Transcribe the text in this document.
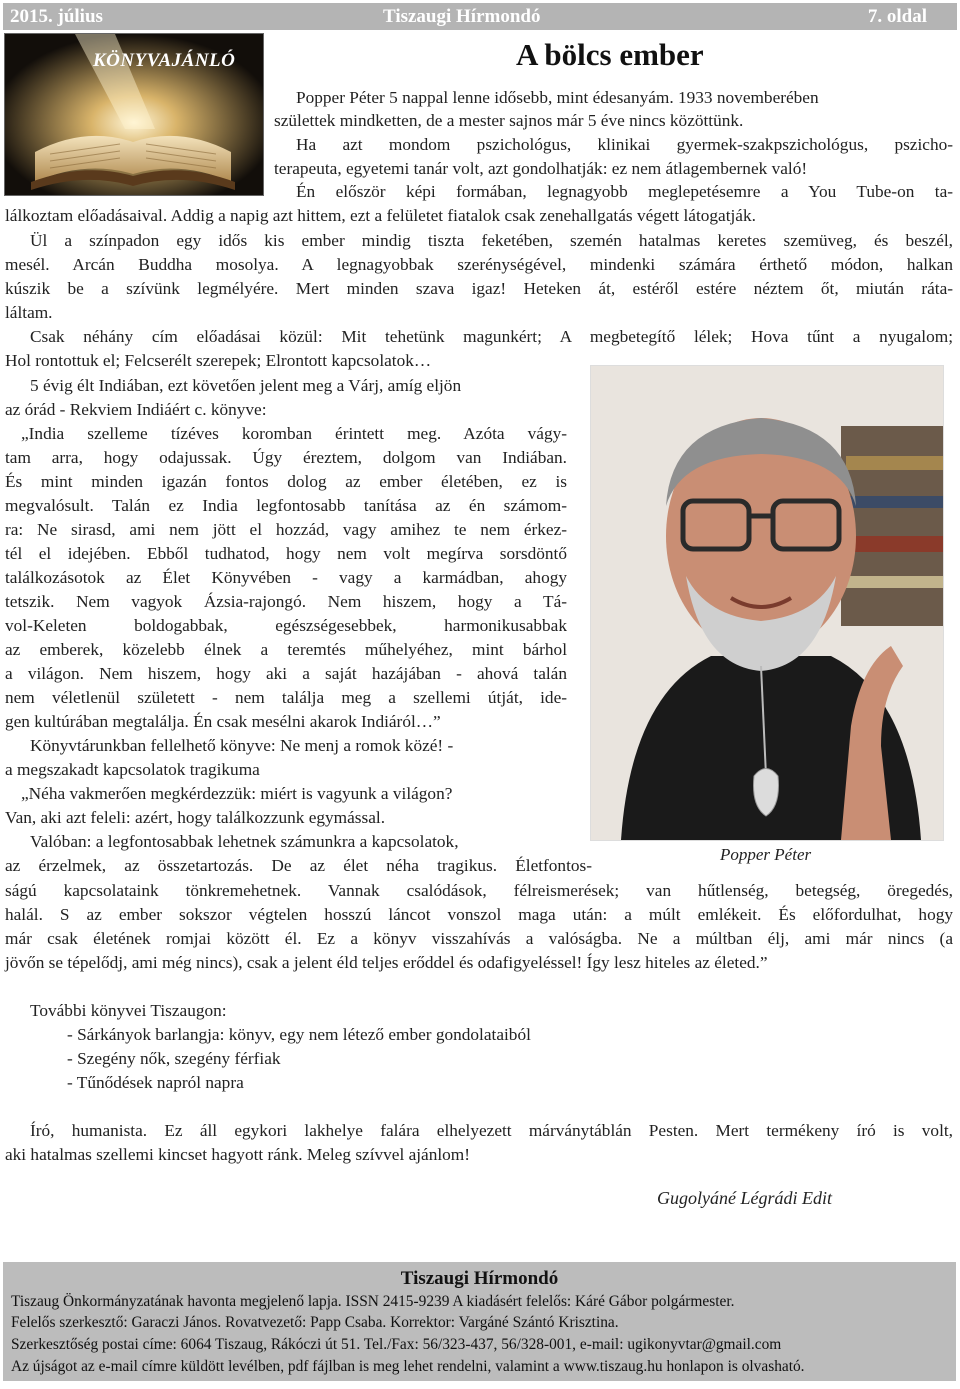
2015. július	Tiszaugi Hírmondó	7. oldal
KÖNYVAJÁNLÓ	A bölcs ember
Popper Péter 5 nappal lenne idősebb, mint édesanyám. 1933 novemberében
születtek mindketten, de a mester sajnos már 5 éve nincs közöttünk.
Ha azt mondom pszichológus, klinikai gyermek-szakpszichológus, pszicho-
terapeuta, egyetemi tanár volt, azt gondolhatják: ez nem átlagembernek való!
Én először képi formában, legnagyobb meglepetésemre a You Tube-on ta-
lálkoztam előadásaival. Addig a napig azt hittem, ezt a felületet fiatalok csak zenehallgatás végett látogatják.
Ül a színpadon egy idős kis ember mindig tiszta feketében, szemén hatalmas keretes szemüveg, és beszél,
mesél. Arcán Buddha mosolya. A legnagyobbak szerénységével, mindenki számára érthető módon, halkan
kúszik be a szívünk legmélyére. Mert minden szava igaz! Heteken át, estéről estére néztem őt, miután ráta-
láltam.
Csak néhány cím előadásai közül: Mit tehetünk magunkért; A megbetegítő lélek; Hova tűnt a nyugalom;
Hol rontottuk el; Felcserélt szerepek; Elrontott kapcsolatok…
5 évig élt Indiában, ezt követően jelent meg a Várj, amíg eljön
az órád - Rekviem Indiáért c. könyve:
„India szelleme tízéves koromban érintett meg. Azóta vágy-
tam arra, hogy odajussak. Úgy éreztem, dolgom van Indiában.
És mint minden igazán fontos dolog az ember életében, ez is
megvalósult. Talán ez India legfontosabb tanítása az én számom-
ra: Ne sirasd, ami nem jött el hozzád, vagy amihez te nem érkez-
tél el idejében. Ebből tudhatod, hogy nem volt megírva sorsdöntő
találkozásotok az Élet Könyvében - vagy a karmádban, ahogy
tetszik. Nem vagyok Ázsia-rajongó. Nem hiszem, hogy a Tá-
vol-Keleten boldogabbak, egészségesebbek, harmonikusabbak
az emberek, közelebb élnek a teremtés műhelyéhez, mint bárhol
a világon. Nem hiszem, hogy aki a saját hazájában - ahová talán
nem véletlenül született - nem találja meg a szellemi útját, ide-
gen kultúrában megtalálja. Én csak mesélni akarok Indiáról…”
Könyvtárunkban fellelhető könyve: Ne menj a romok közé! -
a megszakadt kapcsolatok tragikuma
„Néha vakmerően megkérdezzük: miért is vagyunk a világon?
Van, aki azt feleli: azért, hogy találkozzunk egymással.
Valóban: a legfontosabbak lehetnek számunkra a kapcsolatok,
az érzelmek, az összetartozás. De az élet néha tragikus. Életfontos-
ságú kapcsolataink tönkremehetnek. Vannak csalódások, félreismerések; van hűtlenség, betegség, öregedés,
halál. S az ember sokszor végtelen hosszú láncot vonszol maga után: a múlt emlékeit. És előfordulhat, hogy
már csak életének romjai között él. Ez a könyv visszahívás a valóságba. Ne a múltban élj, ami már nincs (a
jövőn se tépelődj, ami még nincs), csak a jelent éld teljes erőddel és odafigyeléssel! Így lesz hiteles az életed.”
További könyvei Tiszaugon:
- Sárkányok barlangja: könyv, egy nem létező ember gondolataiból
- Szegény nők, szegény férfiak
- Tűnődések napról napra
Író, humanista. Ez áll egykori lakhelye falára elhelyezett márványtáblán Pesten. Mert termékeny író is volt,
aki hatalmas szellemi kincset hagyott ránk. Meleg szívvel ajánlom!
Popper Péter
Gugolyáné Légrádi Edit
Tiszaugi Hírmondó
Tiszaug Önkormányzatának havonta megjelenő lapja. ISSN 2415-9239 A kiadásért felelős: Káré Gábor polgármester.
Felelős szerkesztő: Garaczi János. Rovatvezető: Papp Csaba. Korrektor: Vargáné Szántó Krisztina.
Szerkesztőség postai címe: 6064 Tiszaug, Rákóczi út 51. Tel./Fax: 56/323-437, 56/328-001, e-mail: ugikonyvtar@gmail.com
Az újságot az e-mail címre küldött levélben, pdf fájlban is meg lehet rendelni, valamint a www.tiszaug.hu honlapon is olvasható.
